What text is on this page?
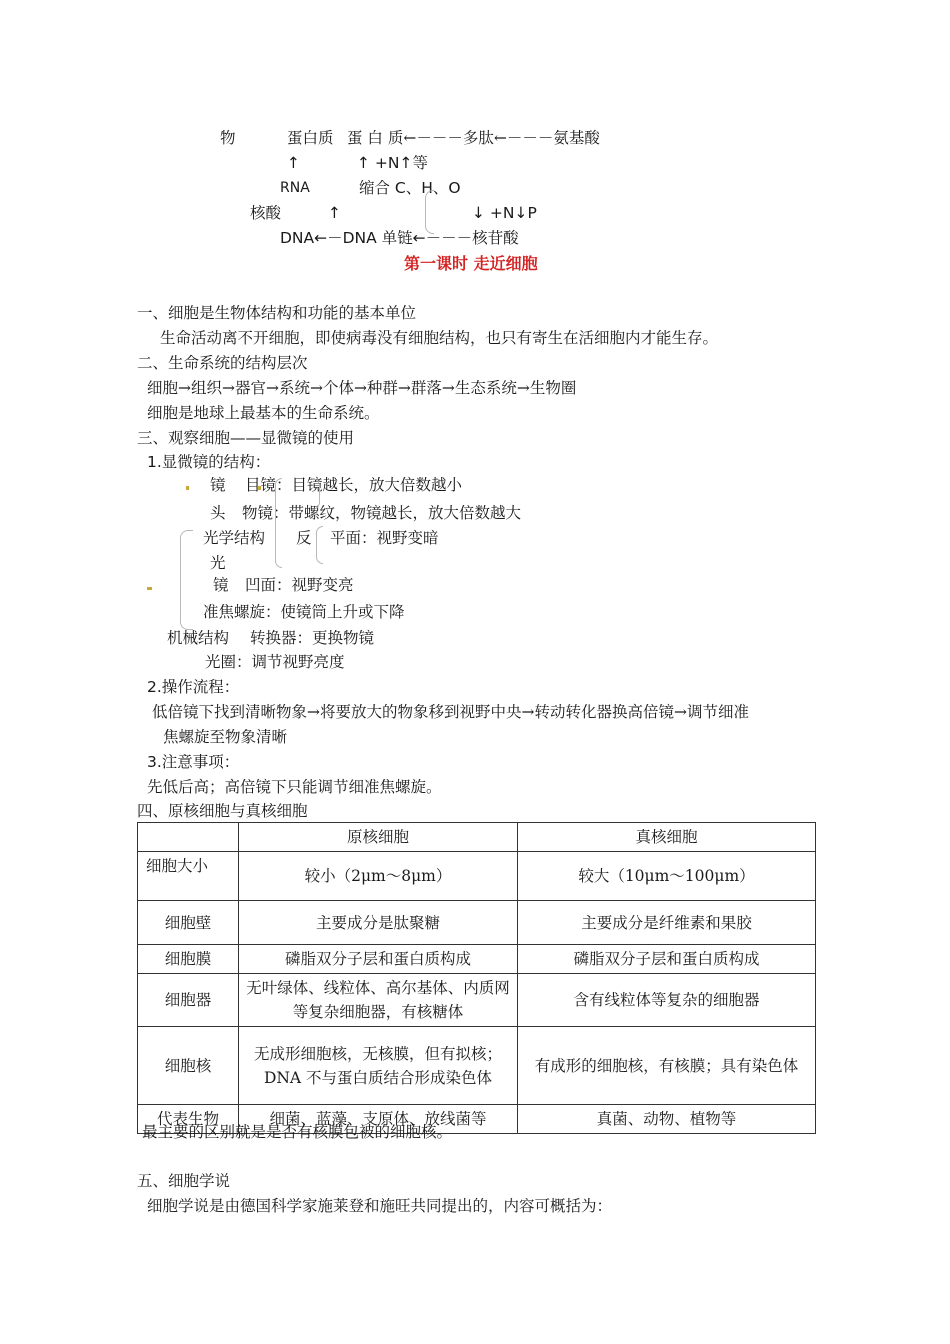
物	蛋白质 蛋 白 质←－－－多肽←－－－氨基酸
↑	↑ +N↑等
RNA	缩合 C、H、O
核酸	↑	↓ +N↓P
DNA←－DNA 单链←－－－核苷酸
第一课时 走近细胞
一、细胞是生物体结构和功能的基本单位
生命活动离不开细胞，即使病毒没有细胞结构，也只有寄生在活细胞内才能生存。
二、生命系统的结构层次
细胞→组织→器官→系统→个体→种群→群落→生态系统→生物圈
细胞是地球上最基本的生命系统。
三、观察细胞——显微镜的使用
1.显微镜的结构：
镜 目镜：目镜越长，放大倍数越小
头 物镜：带螺纹，物镜越长，放大倍数越大
光学结构 反 平面：视野变暗
光
镜 凹面：视野变亮
准焦螺旋：使镜筒上升或下降
机械结构 转换器：更换物镜
光圈：调节视野亮度
2.操作流程：
低倍镜下找到清晰物象→将要放大的物象移到视野中央→转动转化器换高倍镜→调节细准
焦螺旋至物象清晰
3.注意事项：
先低后高；高倍镜下只能调节细准焦螺旋。
四、原核细胞与真核细胞
	原核细胞	真核细胞
细胞大小	较小（2μm～8μm）	较大（10μm～100μm）
细胞壁	主要成分是肽聚糖	主要成分是纤维素和果胶
细胞膜	磷脂双分子层和蛋白质构成	磷脂双分子层和蛋白质构成
细胞器	无叶绿体、线粒体、高尔基体、内质网等复杂细胞器，有核糖体	含有线粒体等复杂的细胞器
细胞核	无成形细胞核，无核膜，但有拟核；DNA 不与蛋白质结合形成染色体	有成形的细胞核，有核膜；具有染色体
代表生物	细菌、蓝藻、支原体、放线菌等	真菌、动物、植物等
最主要的区别就是是否有核膜包被的细胞核。
五、细胞学说
细胞学说是由德国科学家施莱登和施旺共同提出的，内容可概括为：
